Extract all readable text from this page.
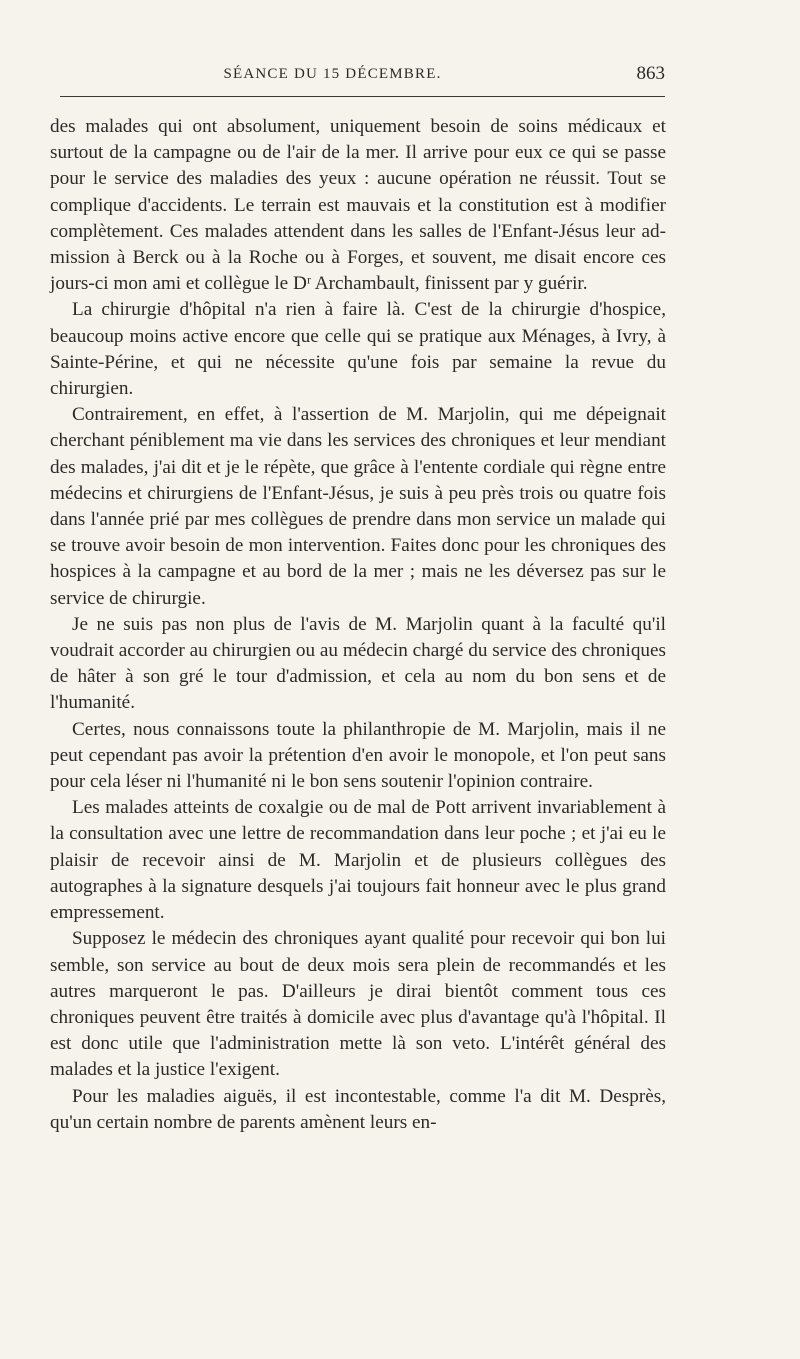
SÉANCE DU 15 DÉCEMBRE.	863

des malades qui ont absolument, uniquement besoin de soins médicaux et surtout de la campagne ou de l'air de la mer. Il arrive pour eux ce qui se passe pour le service des maladies des yeux : aucune opération ne réussit. Tout se complique d'accidents. Le terrain est mauvais et la constitution est à modifier complètement. Ces malades attendent dans les salles de l'Enfant-Jésus leur admission à Berck ou à la Roche ou à Forges, et souvent, me disait encore ces jours-ci mon ami et collègue le Dʳ Archambault, finissent par y guérir.

La chirurgie d'hôpital n'a rien à faire là. C'est de la chirurgie d'hospice, beaucoup moins active encore que celle qui se pratique aux Ménages, à Ivry, à Sainte-Périne, et qui ne nécessite qu'une fois par semaine la revue du chirurgien.

Contrairement, en effet, à l'assertion de M. Marjolin, qui me dépeignait cherchant péniblement ma vie dans les services des chroniques et leur mendiant des malades, j'ai dit et je le répète, que grâce à l'entente cordiale qui règne entre médecins et chirurgiens de l'Enfant-Jésus, je suis à peu près trois ou quatre fois dans l'année prié par mes collègues de prendre dans mon service un malade qui se trouve avoir besoin de mon intervention. Faites donc pour les chroniques des hospices à la campagne et au bord de la mer ; mais ne les déversez pas sur le service de chirurgie.

Je ne suis pas non plus de l'avis de M. Marjolin quant à la faculté qu'il voudrait accorder au chirurgien ou au médecin chargé du service des chroniques de hâter à son gré le tour d'admission, et cela au nom du bon sens et de l'humanité.

Certes, nous connaissons toute la philanthropie de M. Marjolin, mais il ne peut cependant pas avoir la prétention d'en avoir le monopole, et l'on peut sans pour cela léser ni l'humanité ni le bon sens soutenir l'opinion contraire.

Les malades atteints de coxalgie ou de mal de Pott arrivent invariablement à la consultation avec une lettre de recommandation dans leur poche ; et j'ai eu le plaisir de recevoir ainsi de M. Marjolin et de plusieurs collègues des autographes à la signature desquels j'ai toujours fait honneur avec le plus grand empressement.

Supposez le médecin des chroniques ayant qualité pour recevoir qui bon lui semble, son service au bout de deux mois sera plein de recommandés et les autres marqueront le pas. D'ailleurs je dirai bientôt comment tous ces chroniques peuvent être traités à domicile avec plus d'avantage qu'à l'hôpital. Il est donc utile que l'administration mette là son veto. L'intérêt général des malades et la justice l'exigent.

Pour les maladies aiguës, il est incontestable, comme l'a dit M. Desprès, qu'un certain nombre de parents amènent leurs en-
